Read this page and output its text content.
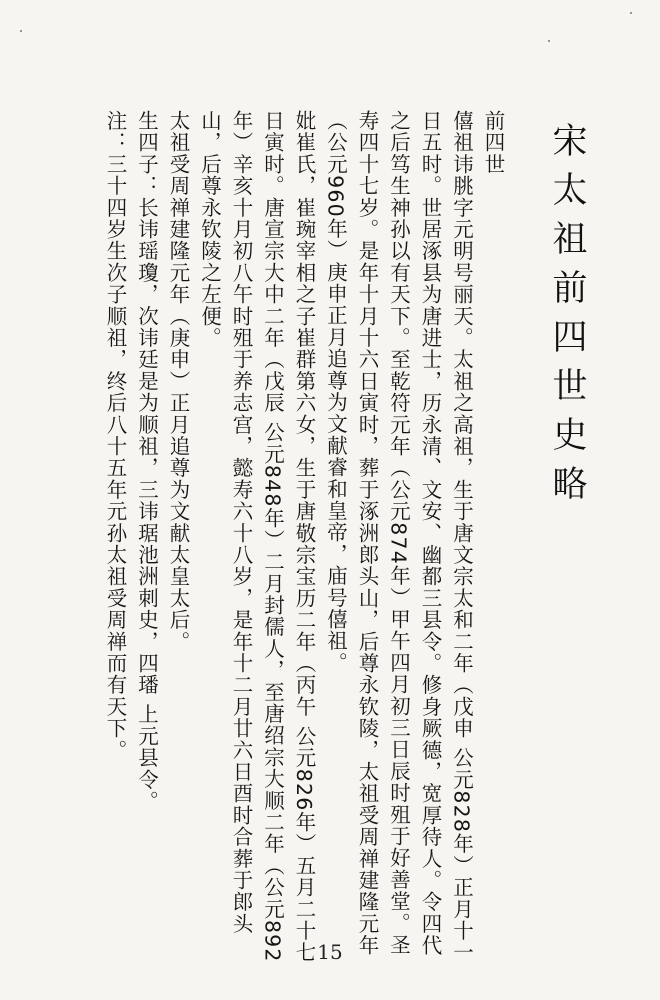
宋太祖前四世史略

前四世

僖祖讳朓字元明号丽天。太祖之高祖，生于唐文宗太和二年（戊申 公元828年）正月十一日五时。世居涿县为唐进士，历永清、文安、幽都三县令。修身厥德，宽厚待人。令四代之后笃生神孙以有天下。至乾符元年（公元874年）甲午四月初三日辰时殂于好善堂。圣寿四十七岁。是年十月十六日寅时，葬于涿洲郎头山，后尊永钦陵，太祖受周禅建隆元年（公元960年）庚申正月追尊为文献睿和皇帝，庙号僖祖。

妣崔氏，崔琬宰相之子崔群第六女，生于唐敬宗宝历二年（丙午 公元826年）五月二十七日寅时。唐宣宗大中二年（戊辰 公元848年）二月封儒人，至唐绍宗大顺二年（公元892年）辛亥十月初八午时殂于养志宫，懿寿六十八岁，是年十二月廿六日酉时合葬于郎头山，后尊永钦陵之左便。

太祖受周禅建隆元年（庚申）正月追尊为文献太皇太后。

生四子：长讳瑶瓊，次讳廷是为顺祖，三讳琚池洲刺史，四璠 上元县令。

注：三十四岁生次子顺祖，终后八十五年元孙太祖受周禅而有天下。

15
